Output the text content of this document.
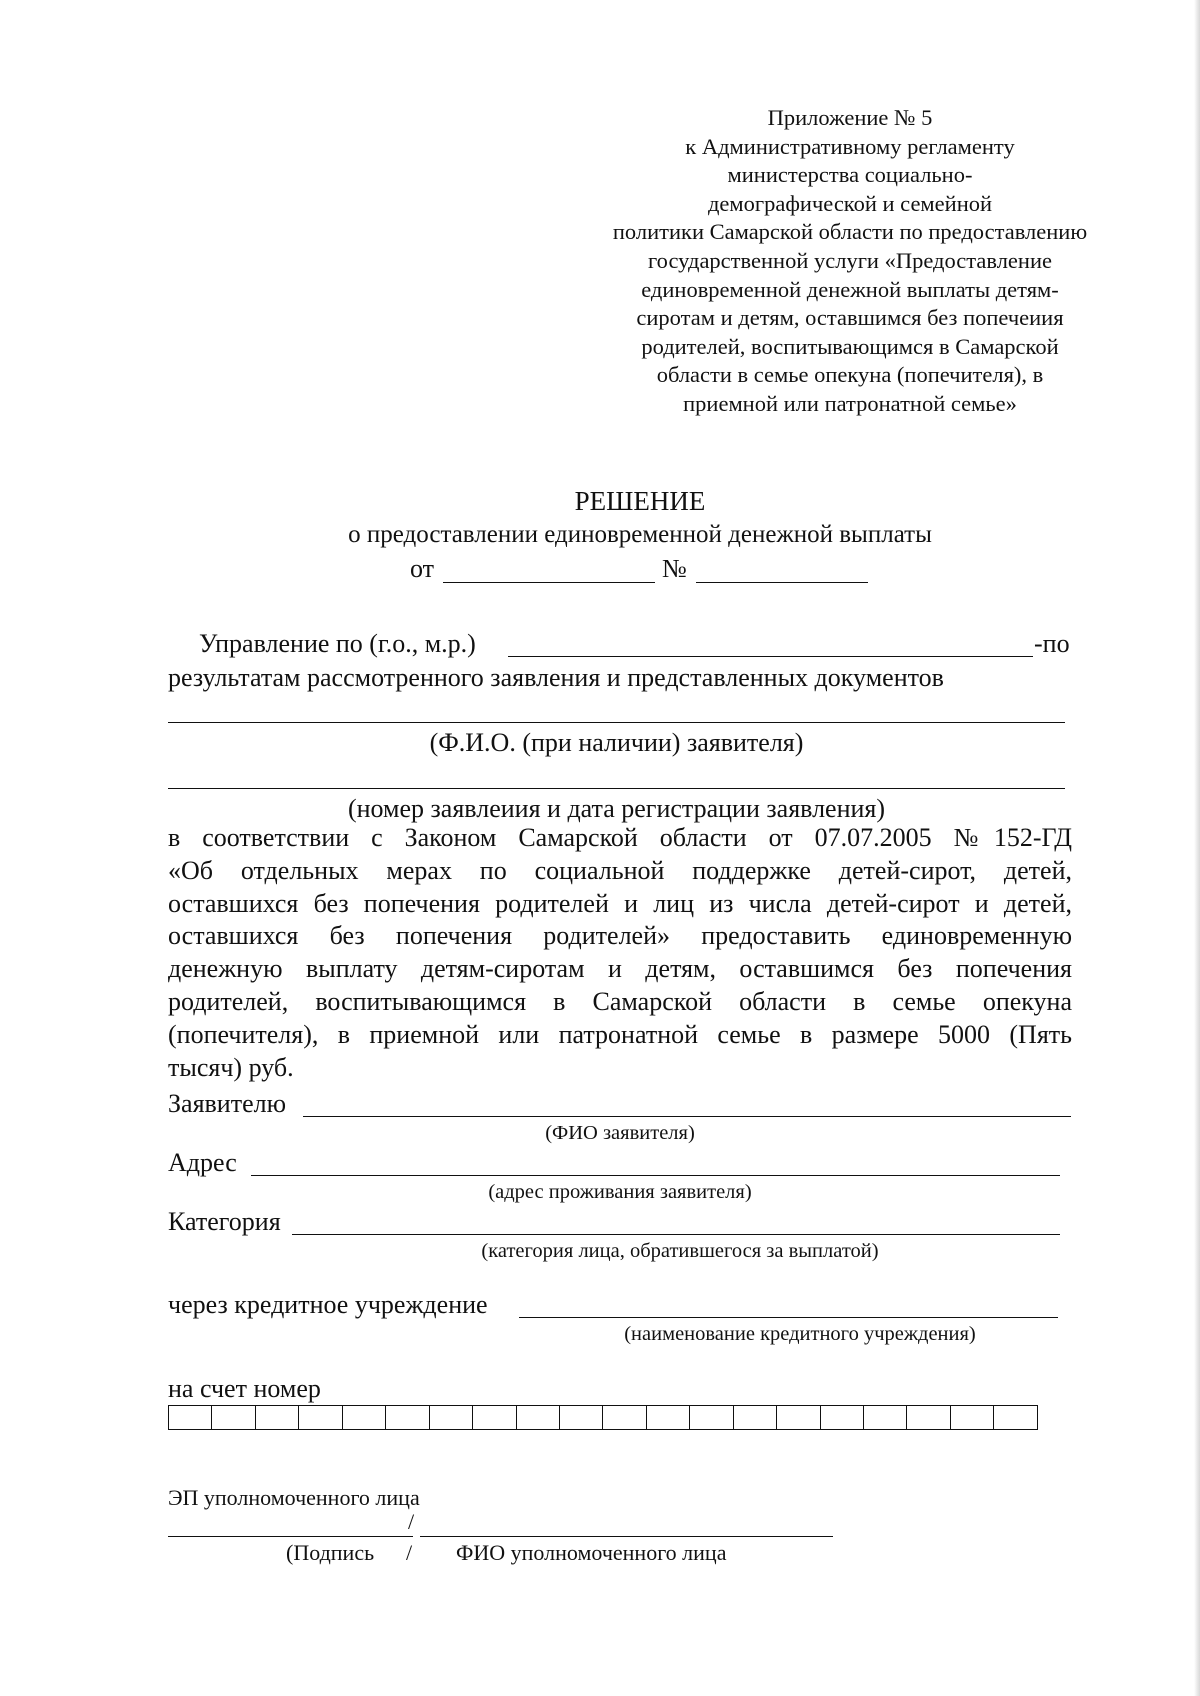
Приложение № 5
к Административному регламенту
министерства социально-
демографической и семейной
политики Самарской области по предоставлению
государственной услуги «Предоставление
единовременной денежной выплаты детям-
сиротам и детям, оставшимся без попечеиия
родителей, воспитывающимся в Самарской
области в семье опекуна (попечителя), в
приемной или патронатной семье»
РЕШЕНИЕ
о предоставлении единовременной денежной выплаты
от	№
Управление по (г.о., м.р.)	-по
результатам рассмотренного заявления и представленных документов
(Ф.И.О. (при наличии) заявителя)
(номер заявлеиия и дата регистрации заявления)
в соответствии с Законом Самарской области от 07.07.2005 №152-ГД
«Об отдельных мерах по социальной поддержке детей-сирот, детей,
оставшихся без попечения родителей и лиц из числа детей-сирот и детей,
оставшихся без попечения родителей» предоставить единовременную
денежную выплату детям-сиротам и детям, оставшимся без попечения
родителей, воспитывающимся в Самарской области в семье опекуна
(попечителя), в приемной или патронатной семье в размере 5000 (Пять
тысяч) руб.
Заявителю
(ФИО заявителя)
Адрес
(адрес проживания заявителя)
Категория
(категория лица, обратившегося за выплатой)
через кредитное учреждение
(наименование кредитного учреждения)
на счет номер
ЭП уполномоченного лица
/
(Подпись / ФИО уполномоченного лица
